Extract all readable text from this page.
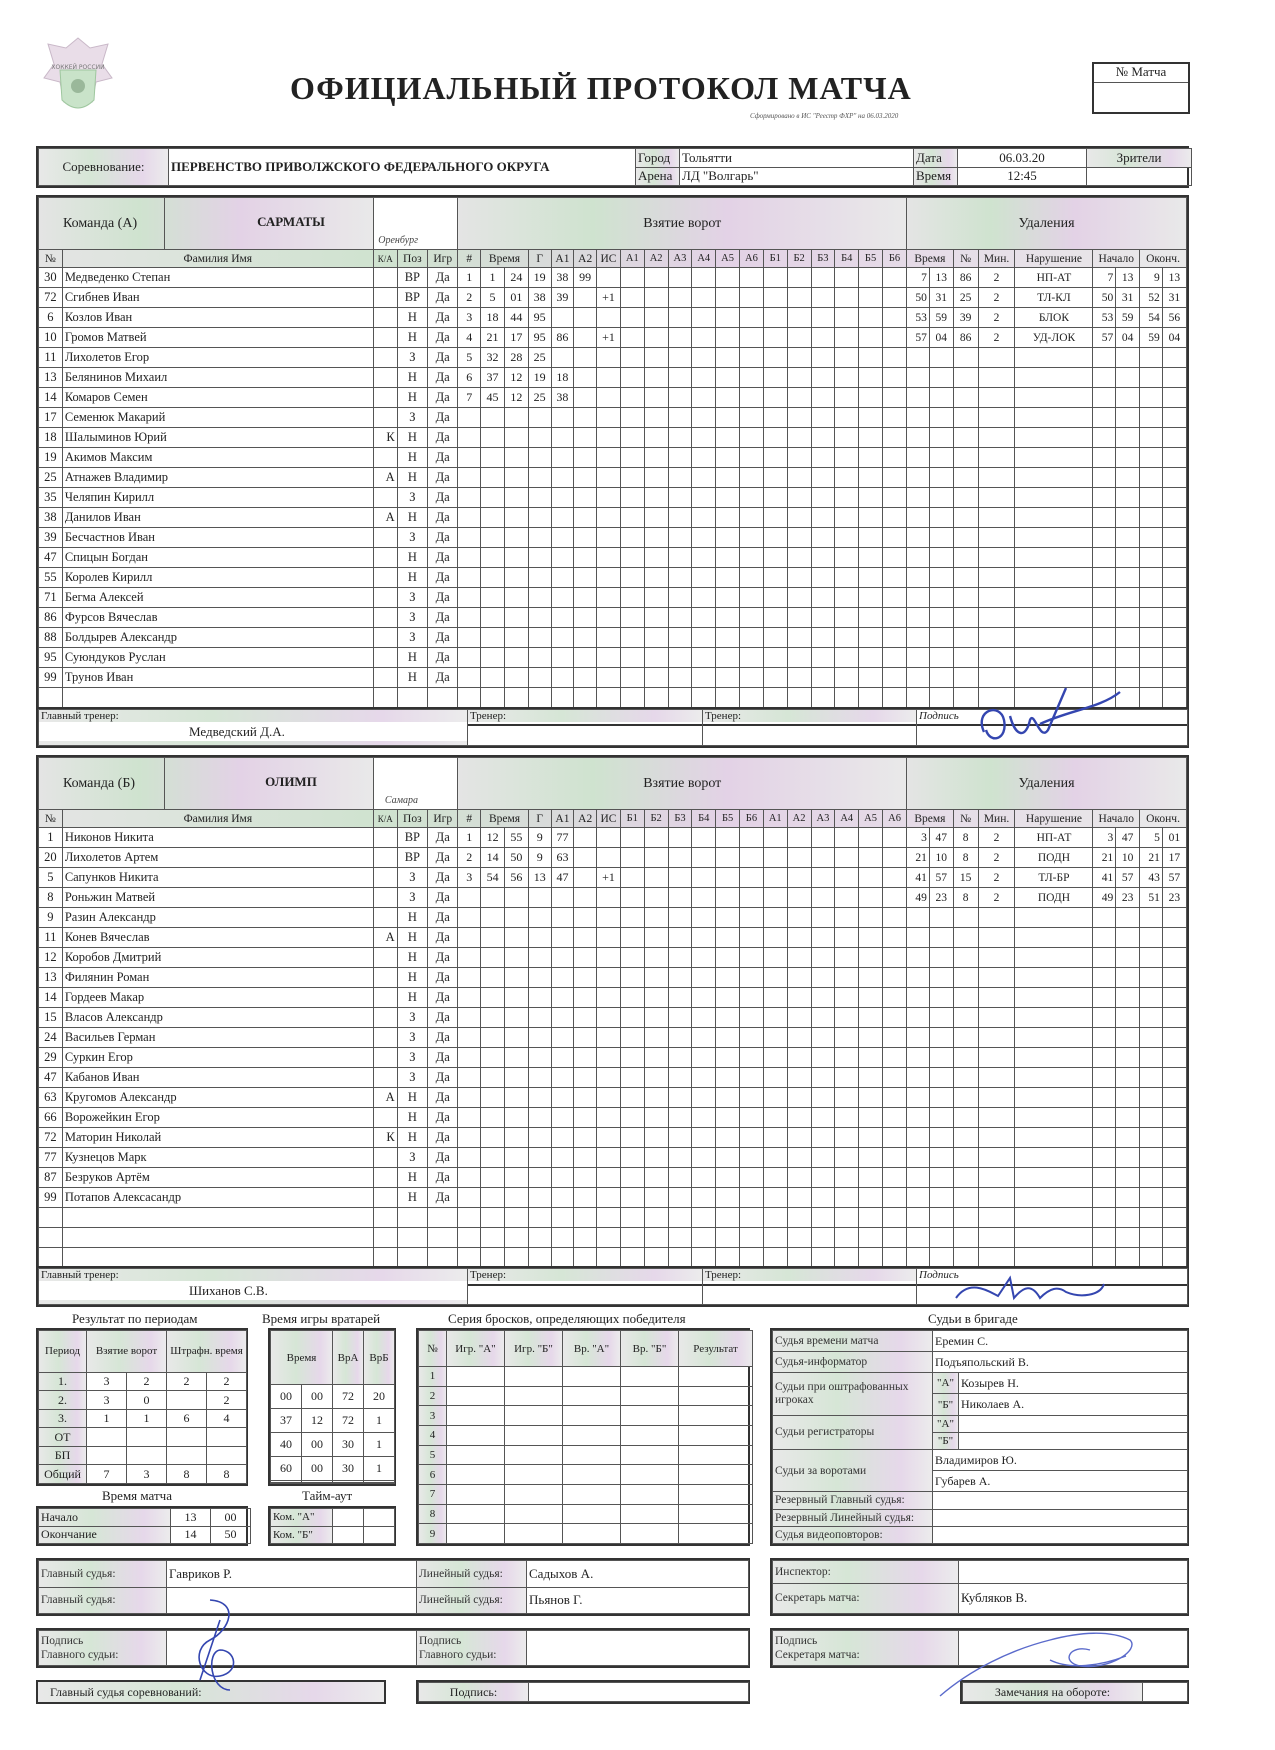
ХОККЕЙ РОССИИ
ОФИЦИАЛЬНЫЙ ПРОТОКОЛ МАТЧА
Сформировано в ИС "Реестр ФХР" на 06.03.2020
№ Матча
Соревнование:	ПЕРВЕНСТВО ПРИВОЛЖСКОГО ФЕДЕРАЛЬНОГО ОКРУГА	Город	Тольятти	Дата	06.03.20	Зрители
		Арена	ЛД "Волгарь"	Время	12:45	
Команда (А)					Взятие ворот																			Удаления								
№	Фамилия Имя	К/А	Поз	Игр	#	Время		Г	А1	А2	ИС	А1	А2	А3	А4	А5	А6	Б1	Б2	Б3	Б4	Б5	Б6	Время		№	Мин.	Нарушение	Начало		Оконч.	
30	Медведенко Степан		ВР	Да	1	1	24	19	38	99														7	13	86	2	НП-АТ	7	13	9	13
72	Сгибнев Иван		ВР	Да	2	5	01	38	39		+1													50	31	25	2	ТЛ-КЛ	50	31	52	31
6	Козлов Иван		Н	Да	3	18	44	95																53	59	39	2	БЛОК	53	59	54	56
10	Громов Матвей		Н	Да	4	21	17	95	86		+1													57	04	86	2	УД-ЛОК	57	04	59	04
11	Лихолетов Егор		З	Да	5	32	28	25																								
13	Белянинов Михаил		Н	Да	6	37	12	19	18																							
14	Комаров Семен		Н	Да	7	45	12	25	38																							
17	Семенюк Макарий		З	Да																												
18	Шалыминов Юрий	К	Н	Да																												
19	Акимов Максим		Н	Да																												
25	Атнажев Владимир	А	Н	Да																												
35	Челяпин Кирилл		З	Да																												
38	Данилов Иван	А	Н	Да																												
39	Бесчастнов Иван		З	Да																												
47	Спицын Богдан		Н	Да																												
55	Королев Кирилл		Н	Да																												
71	Бегма Алексей		З	Да																												
86	Фурсов Вячеслав		З	Да																												
88	Болдырев Александр		З	Да																												
95	Суюндуков Руслан		Н	Да																												
99	Трунов Иван		Н	Да																												

САРМАТЫ
Оренбург
Главный тренер:
Медведский Д.А.

Тренер:	Тренер:	Подпись
Команда (Б)					Взятие ворот																			Удаления								
№	Фамилия Имя	К/А	Поз	Игр	#	Время		Г	А1	А2	ИС	Б1	Б2	Б3	Б4	Б5	Б6	А1	А2	А3	А4	А5	А6	Время		№	Мин.	Нарушение	Начало		Оконч.	
1	Никонов Никита		ВР	Да	1	12	55	9	77															3	47	8	2	НП-АТ	3	47	5	01
20	Лихолетов Артем		ВР	Да	2	14	50	9	63															21	10	8	2	ПОДН	21	10	21	17
5	Сапунков Никита		З	Да	3	54	56	13	47		+1													41	57	15	2	ТЛ-БР	41	57	43	57
8	Роньжин Матвей		З	Да																				49	23	8	2	ПОДН	49	23	51	23
9	Разин Александр		Н	Да																												
11	Конев Вячеслав	А	Н	Да																												
12	Коробов Дмитрий		Н	Да																												
13	Филянин Роман		Н	Да																												
14	Гордеев Макар		Н	Да																												
15	Власов Александр		З	Да																												
24	Васильев Герман		З	Да																												
29	Суркин Егор		З	Да																												
47	Кабанов Иван		З	Да																												
63	Кругомов Александр	А	Н	Да																												
66	Ворожейкин Егор		Н	Да																												
72	Маторин Николай	К	Н	Да																												
77	Кузнецов Марк		З	Да																												
87	Безруков Артём		Н	Да																												
99	Потапов Алексаcандр		Н	Да																												

ОЛИМП
Самара
Главный тренер:
Шиханов С.В.

Тренер:	Тренер:	Подпись
Результат по периодам
Период	Взятие ворот		Штрафн. время	
1.	3	2	2	2
2.	3	0		2
3.	1	1	6	4
ОТ				
БП				
Общий	7	3	8	8
Время матча
Начало	13	00
Окончание	14	50
Время игры вратарей
Время		ВрА	ВрБ
00	00	72	20
37	12	72	1
40	00	30	1
60	00	30	1

Тайм-аут
Ком. "А"		
Ком. "Б"		
Серия бросков, определяющих победителя
№	Игр. "А"	Игр. "Б"	Вр. "А"	Вр. "Б"	Результат
1					
2					
3					
4					
5					
6					
7					
8					
9					
Судьи в бригаде
Судья времени матча	Еремин С.	
Судья-информатор	Подъяпольский В.	
Судьи при оштрафованных игроках	"А"	Козырев Н.
	"Б"	Николаев А.
Судьи регистраторы	"А"	
	"Б"	
Судьи за воротами	Владимиров Ю.	
	Губарев А.	
Резервный Главный судья:		
Резервный Линейный судья:		
Судья видеоповторов:		
Главный судья:	Гавриков Р.	Линейный судья:	Садыхов А.
Главный судья:		Линейный судья:	Пьянов Г.
Инспектор:	
Секретарь матча:	Кубляков В.
Подпись
Главного судьи:		Подпись
Главного судьи:	
Подпись
Секретаря матча:	
Главный судья соревнований:	Подпись:		Замечания на обороте:	
